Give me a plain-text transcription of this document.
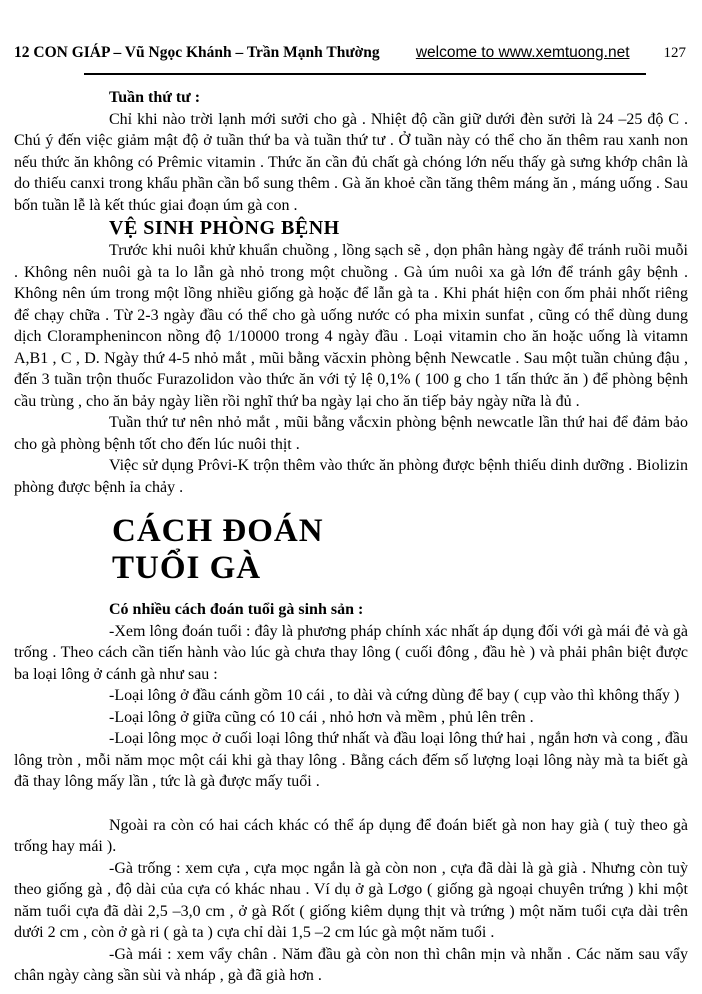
12 CON GIÁP – Vũ Ngọc Khánh – Trần Mạnh Thường welcome to www.xemtuong.net 127

Tuần thứ tư :

Chỉ khi nào trời lạnh mới sưởi cho gà . Nhiệt độ cần giữ dưới đèn sưởi là 24 –25 độ C . Chú ý đến việc giảm mật độ ở tuần thứ ba và tuần thứ tư . Ở tuần này có thể cho ăn thêm rau xanh non nếu thức ăn không có Prêmic vitamin . Thức ăn cần đủ chất gà chóng lớn nếu thấy gà sưng khớp chân là do thiếu canxi trong khẩu phần cần bổ sung thêm . Gà ăn khoẻ cần tăng thêm máng ăn , máng uống . Sau bốn tuần lễ là kết thúc giai đoạn úm gà con .

VỆ SINH PHÒNG BỆNH

Trước khi nuôi khử khuẩn chuồng , lồng sạch sẽ , dọn phân hàng ngày để tránh ruồi muỗi . Không nên nuôi gà ta lo lẫn gà nhỏ trong một chuồng . Gà úm nuôi xa gà lớn để tránh gây bệnh . Không nên úm trong một lồng nhiều giống gà hoặc để lẫn gà ta . Khi phát hiện con ốm phải nhốt riêng để chạy chữa . Từ 2-3 ngày đầu có thể cho gà uống nước có pha mixin sunfat , cũng có thể dùng dung dịch Cloramphenincon nồng độ 1/10000 trong 4 ngày đầu . Loại vitamin cho ăn hoặc uống là vitamn A,B1 , C , D. Ngày thứ 4-5 nhỏ mắt , mũi bằng văcxin phòng bệnh Newcatle . Sau một tuần chủng đậu , đến 3 tuần trộn thuốc Furazolidon vào thức ăn với tỷ lệ 0,1% ( 100 g cho 1 tấn thức ăn ) để phòng bệnh cầu trùng , cho ăn bảy ngày liền rồi nghĩ thứ ba ngày lại cho ăn tiếp bảy ngày nữa là đủ .

Tuần thứ tư nên nhỏ mắt , mũi bằng vắcxin phòng bệnh newcatle lần thứ hai để đảm bảo cho gà phòng bệnh tốt cho đến lúc nuôi thịt .

Việc sử dụng Prôvi-K trộn thêm vào thức ăn phòng được bệnh thiếu dinh dưỡng . Biolizin phòng được bệnh ỉa chảy .

CÁCH ĐOÁN
TUỔI GÀ

Có nhiều cách đoán tuổi gà sinh sản :

-Xem lông đoán tuổi : đây là phương pháp chính xác nhất áp dụng đối với gà mái đẻ và gà trống . Theo cách cần tiến hành vào lúc gà chưa thay lông ( cuối đông , đầu hè ) và phải phân biệt được ba loại lông ở cánh gà như sau :

-Loại lông ở đầu cánh gồm 10 cái , to dài và cứng dùng để bay ( cụp vào thì không thấy )

-Loại lông ở giữa cũng có 10 cái , nhỏ hơn và mềm , phủ lên trên .

-Loại lông mọc ở cuối loại lông thứ nhất và đầu loại lông thứ hai , ngắn hơn và cong , đầu lông tròn , mỗi năm mọc một cái khi gà thay lông . Bằng cách đếm số lượng loại lông này mà ta biết gà đã thay lông mấy lần , tức là gà được mấy tuổi .

Ngoài ra còn có hai cách khác có thể áp dụng để đoán biết gà non hay già ( tuỳ theo gà trống hay mái ).

-Gà trống : xem cựa , cựa mọc ngắn là gà còn non , cựa đã dài là gà già . Nhưng còn tuỳ theo giống gà , độ dài của cựa có khác nhau . Ví dụ ở gà Lơgo ( giống gà ngoại chuyên trứng ) khi một năm tuổi cựa đã dài 2,5 –3,0 cm , ở gà Rốt ( giống kiêm dụng thịt và trứng ) một năm tuổi cựa dài trên dưới 2 cm , còn ở gà ri ( gà ta ) cựa chỉ dài 1,5 –2 cm lúc gà một năm tuổi .

-Gà mái : xem vẩy chân . Năm đầu gà còn non thì chân mịn và nhẵn . Các năm sau vẩy chân ngày càng sần sùi và nháp , gà đã già hơn .
